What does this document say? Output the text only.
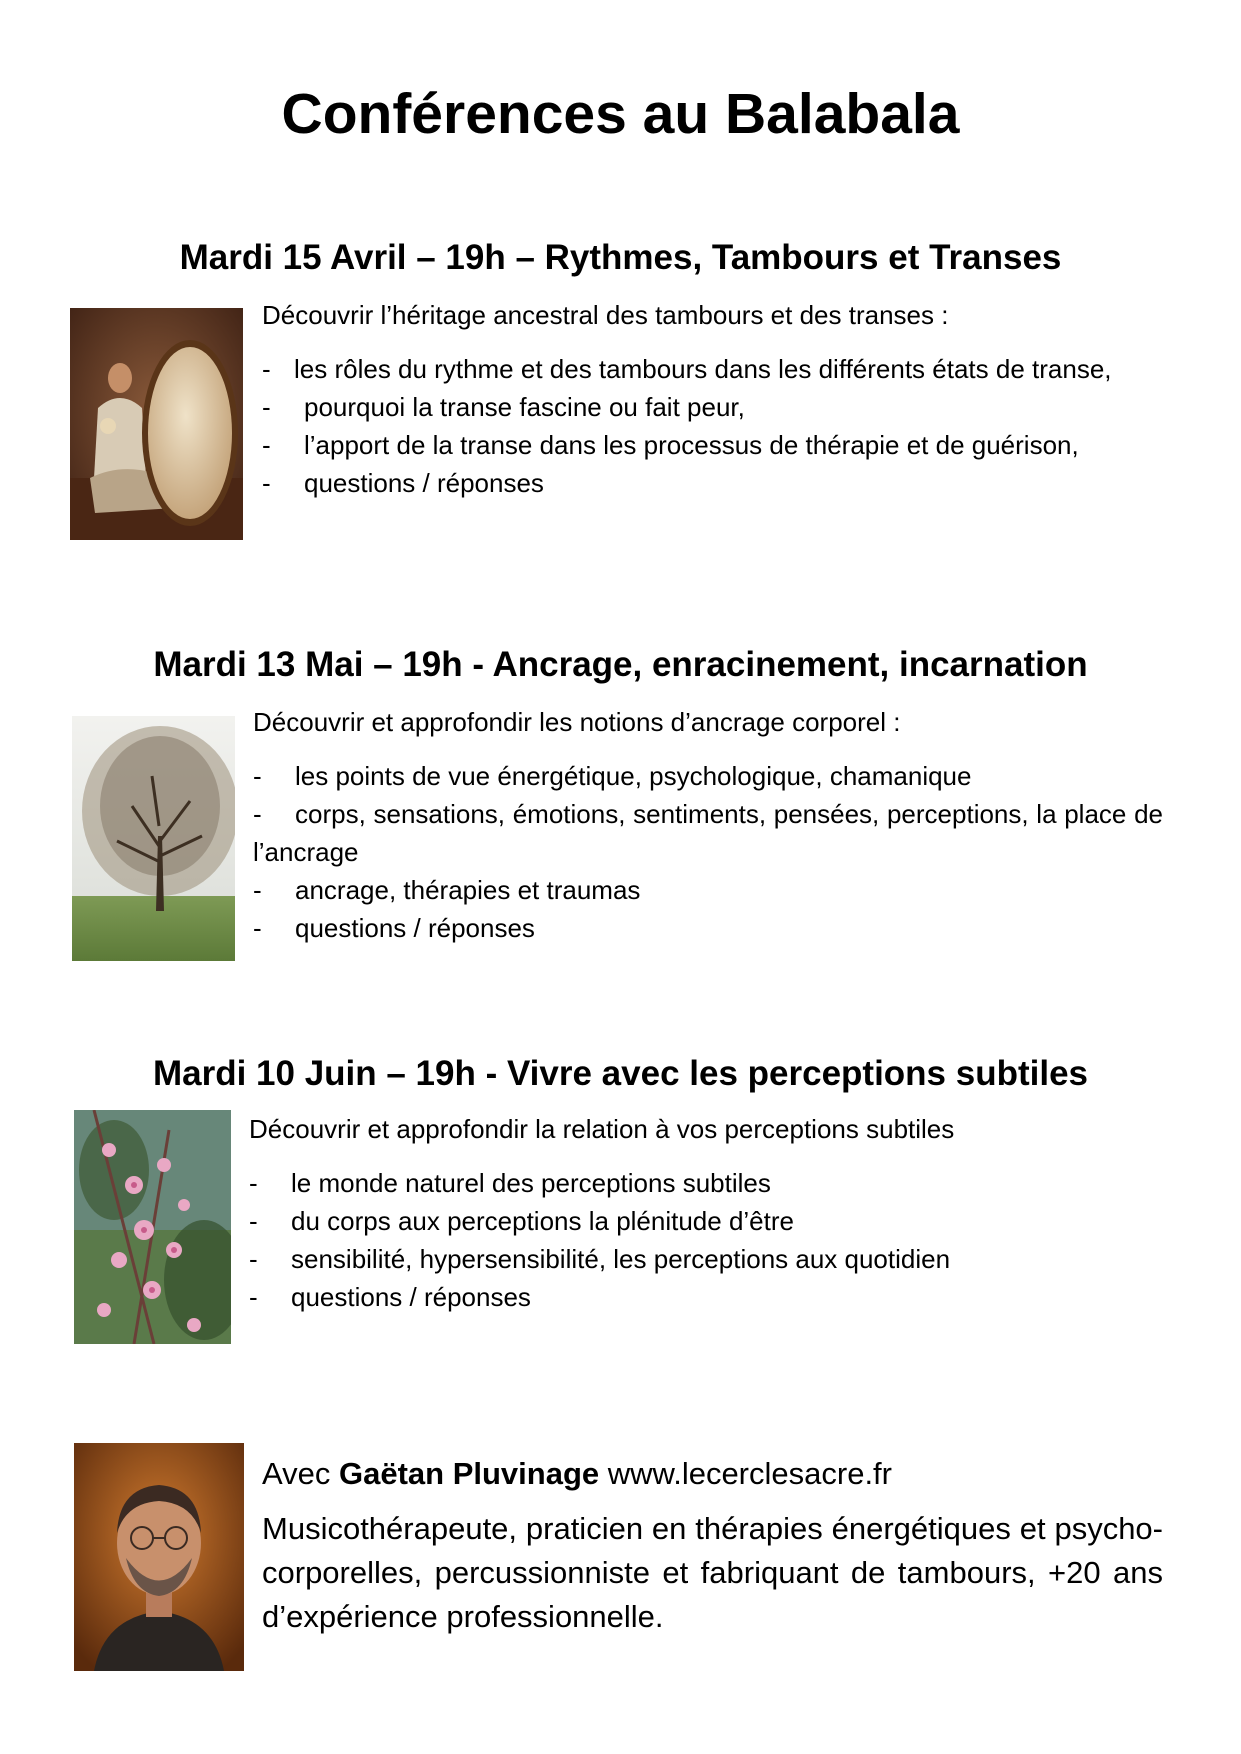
Conférences au Balabala
Mardi 15 Avril – 19h – Rythmes, Tambours et Transes

Découvrir l’héritage ancestral des tambours et des transes :

- les rôles du rythme et des tambours dans les différents états de transe,
- pourquoi la transe fascine ou fait peur,
- l’apport de la transe dans les processus de thérapie et de guérison,
- questions / réponses
Mardi 13 Mai – 19h - Ancrage, enracinement, incarnation

Découvrir et approfondir les notions d’ancrage corporel :

- les points de vue énergétique, psychologique, chamanique
- corps, sensations, émotions, sentiments, pensées, perceptions, la place de l’ancrage
- ancrage, thérapies et traumas
- questions / réponses
Mardi 10 Juin – 19h - Vivre avec les perceptions subtiles

Découvrir et approfondir la relation à vos perceptions subtiles

- le monde naturel des perceptions subtiles
- du corps aux perceptions la plénitude d’être
- sensibilité, hypersensibilité, les perceptions aux quotidien
- questions / réponses

Avec Gaëtan Pluvinage www.lecerclesacre.fr

Musicothérapeute, praticien en thérapies énergétiques et psycho-corporelles, percussionniste et fabriquant de tambours, +20 ans d’expérience professionnelle.
